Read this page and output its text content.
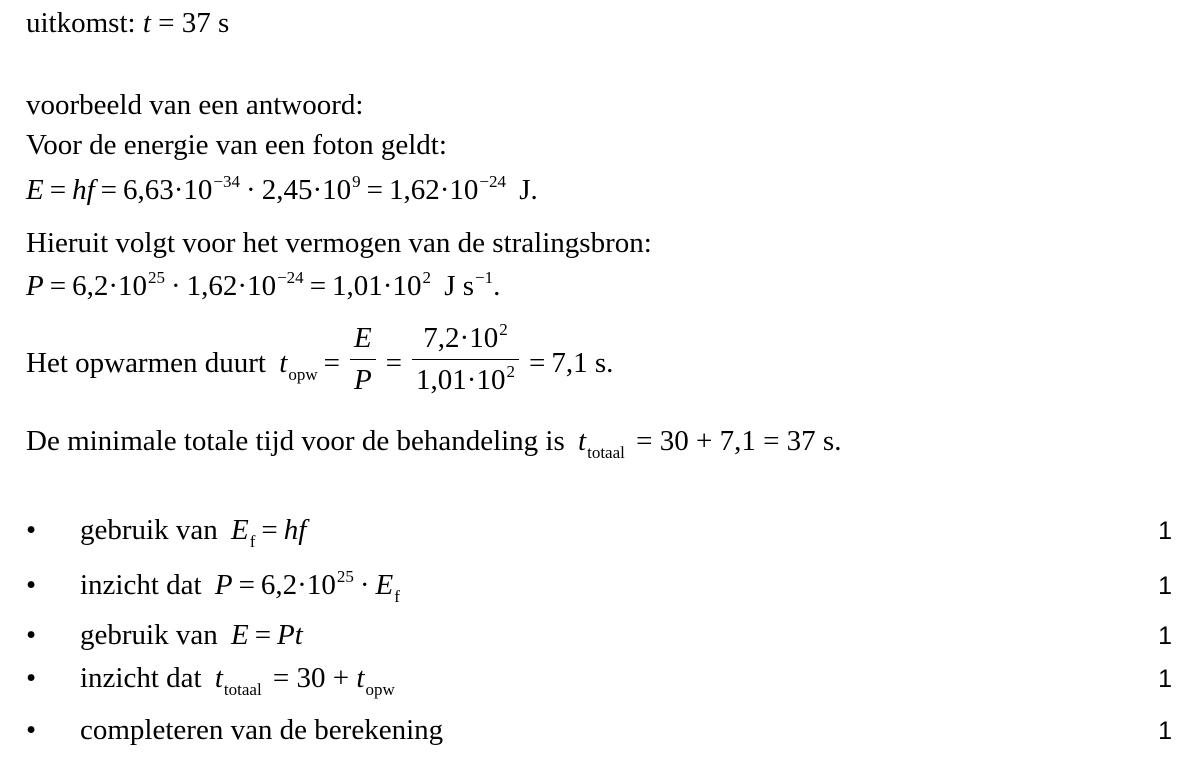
uitkomst: t = 37 s
voorbeeld van een antwoord:
Voor de energie van een foton geldt:
E = hf = $6,63\cdot 10^{-34} \cdot 2,45\cdot 10^9 = 1,62\cdot 10^{-24}$ J.
Hieruit volgt voor het vermogen van de stralingsbron:
$P = 6,2\cdot 10^{25} \cdot 1,62\cdot 10^{-24} = 1,01\cdot 10^2$ J $s^{-1}$.
Het opwarmen duurt $t_{opw} = \frac{E}{P} = \frac{7,2\cdot 10^2}{1,01\cdot 10^2} = 7,1$ s.
De minimale totale tijd voor de behandeling is $t_{totaal} = 30 + 7,1 = 37$ s.
•	gebruik van $E_f$ = hf	1
•	inzicht dat $P = 6,2\cdot 10^{25} \cdot E_f$	1
•	gebruik van E = Pt	1
•	inzicht dat $t_{totaal} = 30 + t_{opw}$	1
•	completeren van de berekening	1
